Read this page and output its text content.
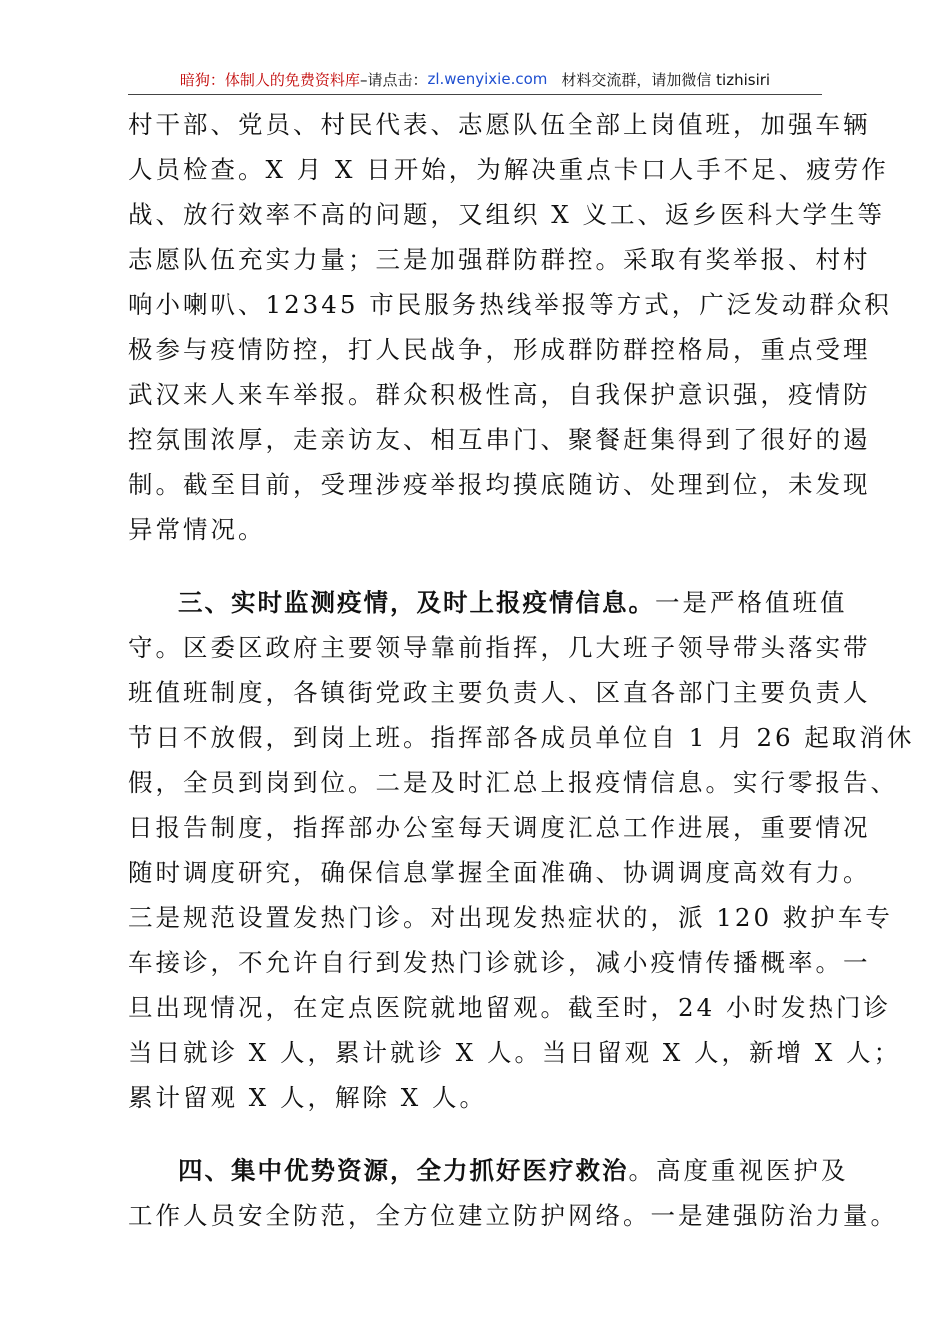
暗狗：体制人的免费资料库 –请点击： zl.wenyixie.com 材料交流群，请加微信 tizhisiri
村干部、党员、村民代表、志愿队伍全部上岗值班，加强车辆
人员检查。X 月 X 日开始，为解决重点卡口人手不足、疲劳作
战、放行效率不高的问题，又组织 X 义工、返乡医科大学生等
志愿队伍充实力量；三是加强群防群控。采取有奖举报、村村
响小喇叭、12345 市民服务热线举报等方式，广泛发动群众积
极参与疫情防控，打人民战争，形成群防群控格局，重点受理
武汉来人来车举报。群众积极性高，自我保护意识强，疫情防
控氛围浓厚，走亲访友、相互串门、聚餐赶集得到了很好的遏
制。截至目前，受理涉疫举报均摸底随访、处理到位，未发现
异常情况。
三、实时监测疫情，及时上报疫情信息。一是严格值班值
守。区委区政府主要领导靠前指挥，几大班子领导带头落实带
班值班制度，各镇街党政主要负责人、区直各部门主要负责人
节日不放假，到岗上班。指挥部各成员单位自 1 月 26 起取消休
假，全员到岗到位。二是及时汇总上报疫情信息。实行零报告、
日报告制度，指挥部办公室每天调度汇总工作进展，重要情况
随时调度研究，确保信息掌握全面准确、协调调度高效有力。
三是规范设置发热门诊。对出现发热症状的，派 120 救护车专
车接诊，不允许自行到发热门诊就诊，减小疫情传播概率。一
旦出现情况，在定点医院就地留观。截至时，24 小时发热门诊
当日就诊 X 人，累计就诊 X 人。当日留观 X 人，新增 X 人；
累计留观 X 人，解除 X 人。
四、集中优势资源，全力抓好医疗救治。高度重视医护及
工作人员安全防范，全方位建立防护网络。一是建强防治力量。
